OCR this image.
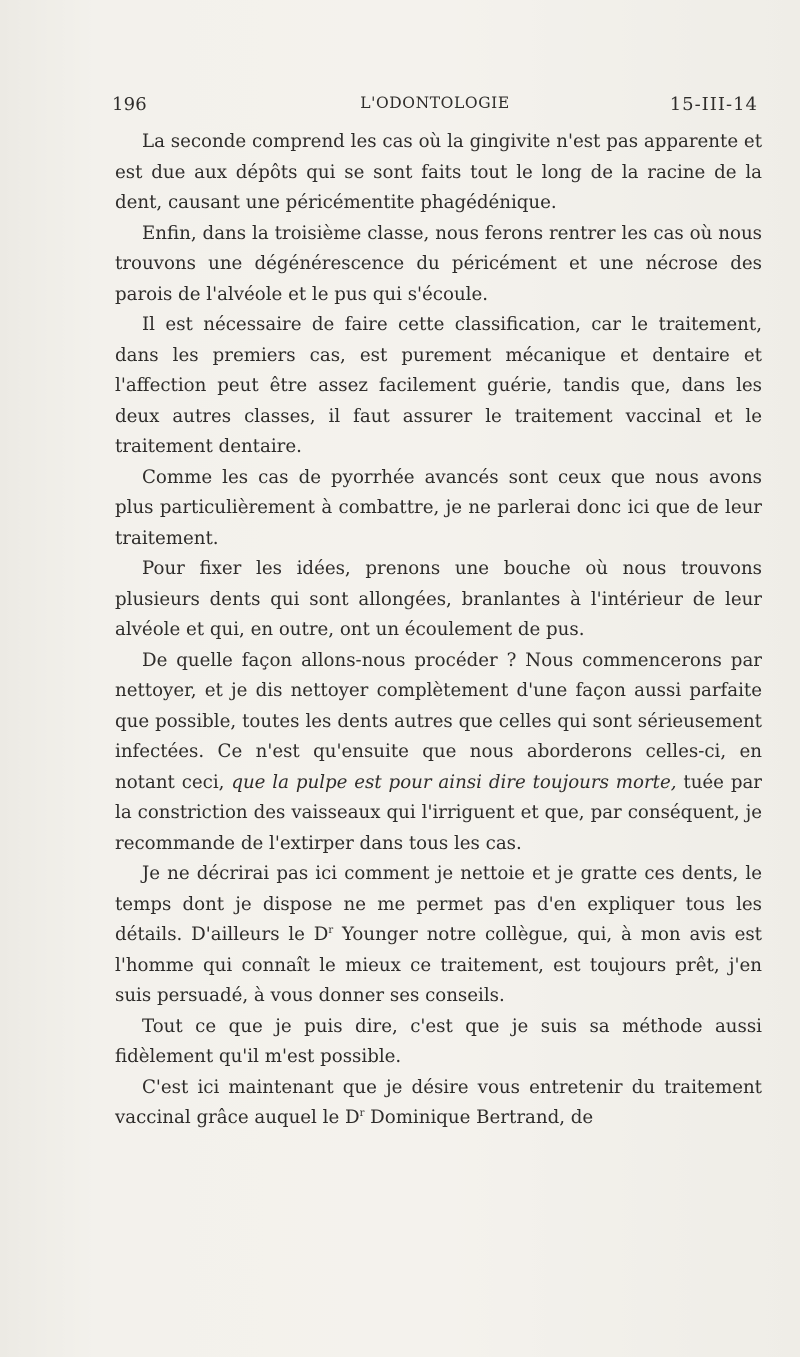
196	L'ODONTOLOGIE	15-III-14

La seconde comprend les cas où la gingivite n'est pas apparente et est due aux dépôts qui se sont faits tout le long de la racine de la dent, causant une péricémentite phagédénique.

Enfin, dans la troisième classe, nous ferons rentrer les cas où nous trouvons une dégénérescence du péricément et une nécrose des parois de l'alvéole et le pus qui s'écoule.

Il est nécessaire de faire cette classification, car le traitement, dans les premiers cas, est purement mécanique et dentaire et l'affection peut être assez facilement guérie, tandis que, dans les deux autres classes, il faut assurer le traitement vaccinal et le traitement dentaire.

Comme les cas de pyorrhée avancés sont ceux que nous avons plus particulièrement à combattre, je ne parlerai donc ici que de leur traitement.

Pour fixer les idées, prenons une bouche où nous trouvons plusieurs dents qui sont allongées, branlantes à l'intérieur de leur alvéole et qui, en outre, ont un écoulement de pus.

De quelle façon allons-nous procéder ? Nous commencerons par nettoyer, et je dis nettoyer complètement d'une façon aussi parfaite que possible, toutes les dents autres que celles qui sont sérieusement infectées. Ce n'est qu'ensuite que nous aborderons celles-ci, en notant ceci, que la pulpe est pour ainsi dire toujours morte, tuée par la constriction des vaisseaux qui l'irriguent et que, par conséquent, je recommande de l'extirper dans tous les cas.

Je ne décrirai pas ici comment je nettoie et je gratte ces dents, le temps dont je dispose ne me permet pas d'en expliquer tous les détails. D'ailleurs le $D^r$ Younger notre collègue, qui, à mon avis est l'homme qui connaît le mieux ce traitement, est toujours prêt, j'en suis persuadé, à vous donner ses conseils.

Tout ce que je puis dire, c'est que je suis sa méthode aussi fidèlement qu'il m'est possible.

C'est ici maintenant que je désire vous entretenir du traitement vaccinal grâce auquel le $D^r$ Dominique Bertrand, de
